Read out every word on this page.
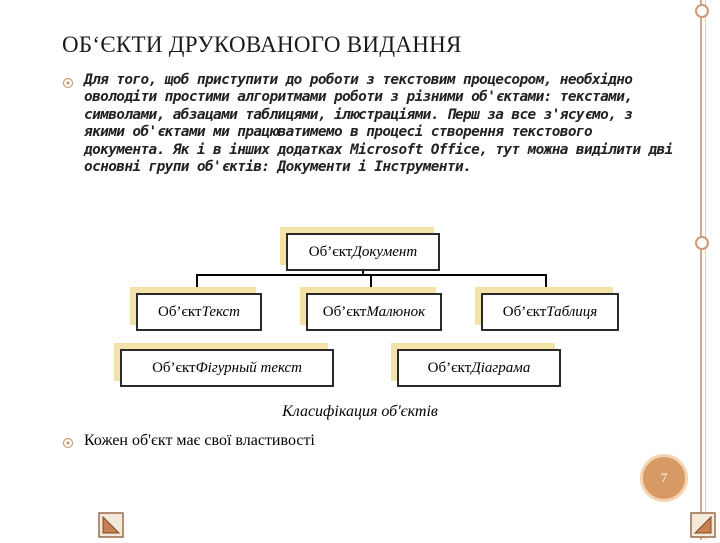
ОБ‘ЄКТИ ДРУКОВАНОГО ВИДАННЯ
Для того, щоб приступити до роботи з текстовим процесором, необхідно оволодіти простими алгоритмами роботи з різними об'єктами: текстами, символами, абзацами таблицями, ілюстраціями. Перш за все з'ясуємо, з якими об'єктами ми працюватимемо в процесі створення текстового документа. Як і в інших додатках Microsoft Office, тут можна виділити дві основні групи об'єктів: Документи і Інструменти.
Об’єкт Документ
Об’єкт Текст	Об’єкт Малюнок	Об’єкт Таблиця
Об’єкт Фігурный текст	Об’єкт Діаграма
Класифікация об'єктів
Кожен об'єкт має свої властивості
7
